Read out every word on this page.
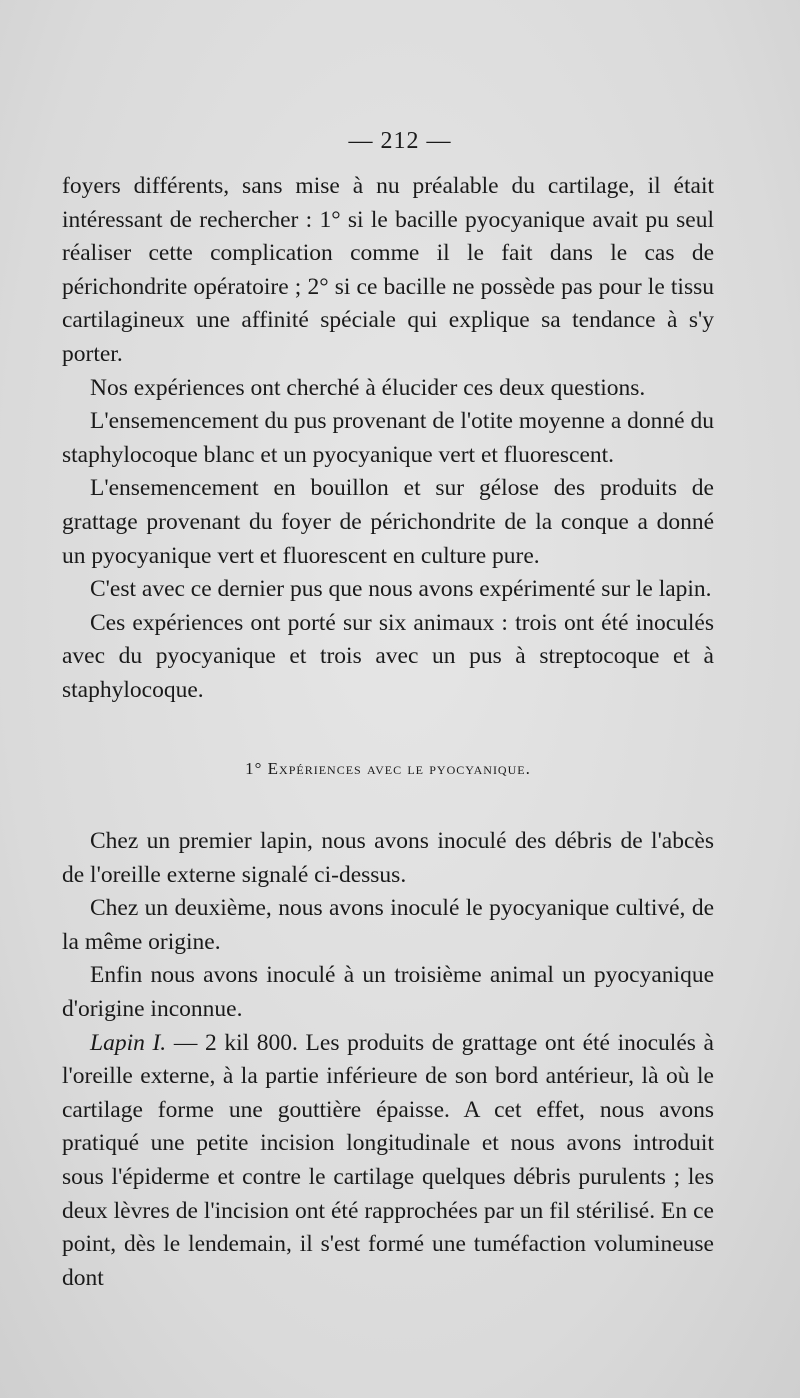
— 212 —

foyers différents, sans mise à nu préalable du cartilage, il était intéressant de rechercher : 1° si le bacille pyocyanique avait pu seul réaliser cette complication comme il le fait dans le cas de périchondrite opératoire ; 2° si ce bacille ne possède pas pour le tissu cartilagineux une affinité spéciale qui explique sa tendance à s'y porter.

Nos expériences ont cherché à élucider ces deux questions.

L'ensemencement du pus provenant de l'otite moyenne a donné du staphylocoque blanc et un pyocyanique vert et fluorescent.

L'ensemencement en bouillon et sur gélose des produits de grattage provenant du foyer de périchondrite de la conque a donné un pyocyanique vert et fluorescent en culture pure.

C'est avec ce dernier pus que nous avons expérimenté sur le lapin.

Ces expériences ont porté sur six animaux : trois ont été inoculés avec du pyocyanique et trois avec un pus à streptocoque et à staphylocoque.

1° Expériences avec le pyocyanique.

Chez un premier lapin, nous avons inoculé des débris de l'abcès de l'oreille externe signalé ci-dessus.

Chez un deuxième, nous avons inoculé le pyocyanique cultivé, de la même origine.

Enfin nous avons inoculé à un troisième animal un pyocyanique d'origine inconnue.

Lapin I. — 2 kil 800. Les produits de grattage ont été inoculés à l'oreille externe, à la partie inférieure de son bord antérieur, là où le cartilage forme une gouttière épaisse. A cet effet, nous avons pratiqué une petite incision longitudinale et nous avons introduit sous l'épiderme et contre le cartilage quelques débris purulents ; les deux lèvres de l'incision ont été rapprochées par un fil stérilisé. En ce point, dès le lendemain, il s'est formé une tuméfaction volumineuse dont
